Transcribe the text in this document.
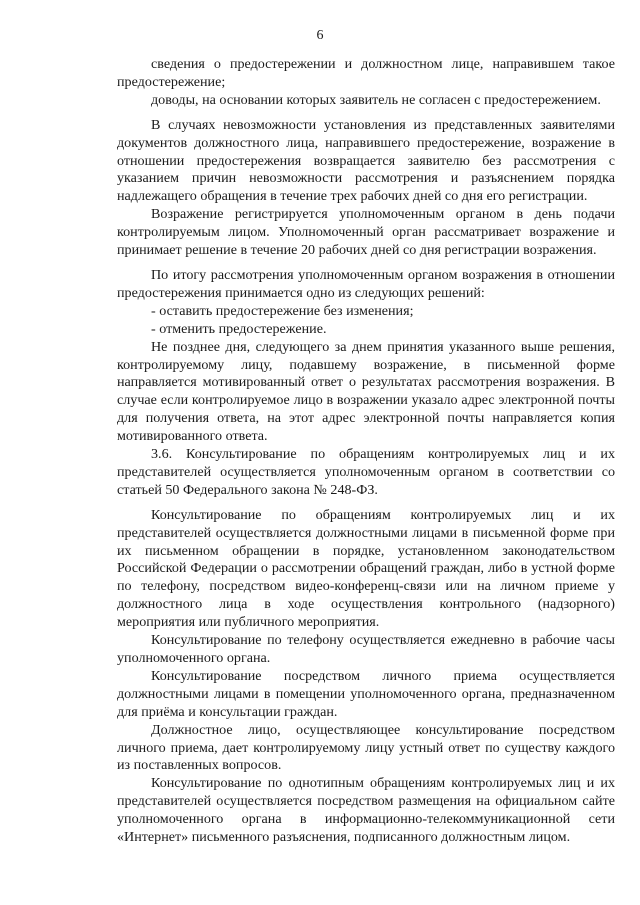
6

сведения о предостережении и должностном лице, направившем такое предостережение;

доводы, на основании которых заявитель не согласен с предостережением.

В случаях невозможности установления из представленных заявителями документов должностного лица, направившего предостережение, возражение в отношении предостережения возвращается заявителю без рассмотрения с указанием причин невозможности рассмотрения и разъяснением порядка надлежащего обращения в течение трех рабочих дней со дня его регистрации.

Возражение регистрируется уполномоченным органом в день подачи контролируемым лицом. Уполномоченный орган рассматривает возражение и принимает решение в течение 20 рабочих дней со дня регистрации возражения.

По итогу рассмотрения уполномоченным органом возражения в отношении предостережения принимается одно из следующих решений:

- оставить предостережение без изменения;

- отменить предостережение.

Не позднее дня, следующего за днем принятия указанного выше решения, контролируемому лицу, подавшему возражение, в письменной форме направляется мотивированный ответ о результатах рассмотрения возражения. В случае если контролируемое лицо в возражении указало адрес электронной почты для получения ответа, на этот адрес электронной почты направляется копия мотивированного ответа.

3.6. Консультирование по обращениям контролируемых лиц и их представителей осуществляется уполномоченным органом в соответствии со статьей 50 Федерального закона № 248-ФЗ.

Консультирование по обращениям контролируемых лиц и их представителей осуществляется должностными лицами в письменной форме при их письменном обращении в порядке, установленном законодательством Российской Федерации о рассмотрении обращений граждан, либо в устной форме по телефону, посредством видео-конференц-связи или на личном приеме у должностного лица в ходе осуществления контрольного (надзорного) мероприятия или публичного мероприятия.

Консультирование по телефону осуществляется ежедневно в рабочие часы уполномоченного органа.

Консультирование посредством личного приема осуществляется должностными лицами в помещении уполномоченного органа, предназначенном для приёма и консультации граждан.

Должностное лицо, осуществляющее консультирование посредством личного приема, дает контролируемому лицу устный ответ по существу каждого из поставленных вопросов.

Консультирование по однотипным обращениям контролируемых лиц и их представителей осуществляется посредством размещения на официальном сайте уполномоченного органа в информационно-телекоммуникационной сети «Интернет» письменного разъяснения, подписанного должностным лицом.
